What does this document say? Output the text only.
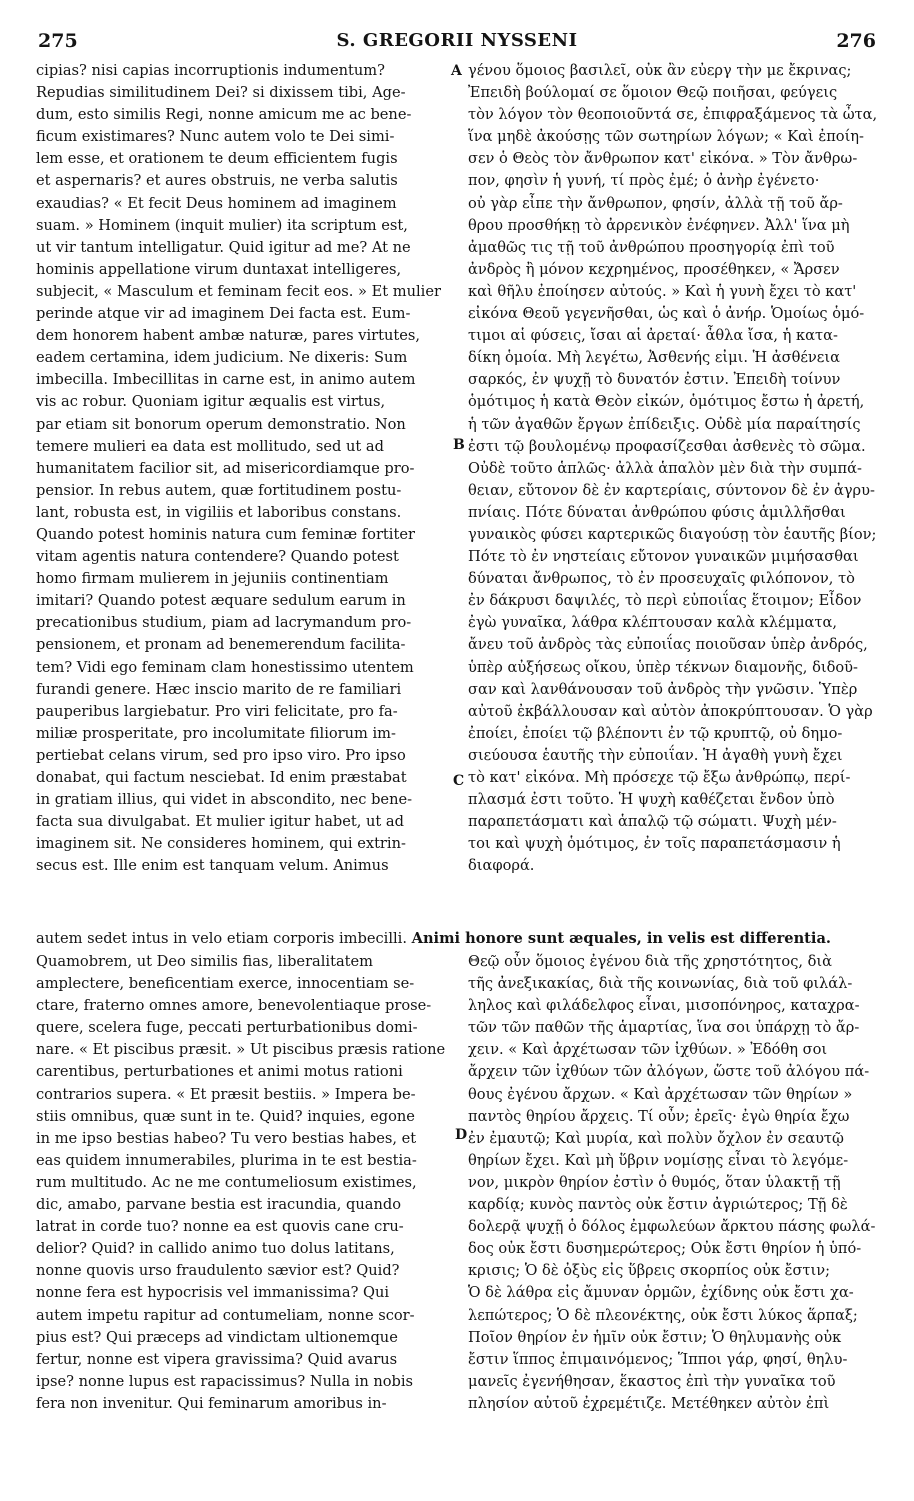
275	S. GREGORII NYSSENI	276
cipias? nisi capias incorruptionis indumentum?
Repudias similitudinem Dei? si dixissem tibi, Age-
dum, esto similis Regi, nonne amicum me ac bene-
ficum existimares? Nunc autem volo te Dei simi-
lem esse, et orationem te deum efficientem fugis
et aspernaris? et aures obstruis, ne verba salutis
exaudias? « Et fecit Deus hominem ad imaginem
suam. » Hominem (inquit mulier) ita scriptum est,
ut vir tantum intelligatur. Quid igitur ad me? At ne
hominis appellatione virum duntaxat intelligeres,
subjecit, « Masculum et feminam fecit eos. » Et mulier
perinde atque vir ad imaginem Dei facta est. Eum-
dem honorem habent ambæ naturæ, pares virtutes,
eadem certamina, idem judicium. Ne dixeris: Sum
imbecilla. Imbecillitas in carne est, in animo autem
vis ac robur. Quoniam igitur æqualis est virtus,
par etiam sit bonorum operum demonstratio. Non
temere mulieri ea data est mollitudo, sed ut ad
humanitatem facilior sit, ad misericordiamque pro-
pensior. In rebus autem, quæ fortitudinem postu-
lant, robusta est, in vigiliis et laboribus constans.
Quando potest hominis natura cum feminæ fortiter
vitam agentis natura contendere? Quando potest
homo firmam mulierem in jejuniis continentiam
imitari? Quando potest æquare sedulum earum in
precationibus studium, piam ad lacrymandum pro-
pensionem, et pronam ad benemerendum facilita-
tem? Vidi ego feminam clam honestissimo utentem
furandi genere. Hæc inscio marito de re familiari
pauperibus largiebatur. Pro viri felicitate, pro fa-
miliæ prosperitate, pro incolumitate filiorum im-
pertiebat celans virum, sed pro ipso viro. Pro ipso
donabat, qui factum nesciebat. Id enim præstabat
in gratiam illius, qui videt in abscondito, nec bene-
facta sua divulgabat. Et mulier igitur habet, ut ad
imaginem sit. Ne consideres hominem, qui extrin-
secus est. Ille enim est tanquam velum. Animus
γένου ὅμοιος βασιλεῖ, οὐκ ἂν εὐεργ τὴν με ἔκρινας;
Ἐπειδὴ βούλομαί σε ὅμοιον Θεῷ ποιῆσαι, φεύγεις
τὸν λόγον τὸν θεοποιοῦντά σε, ἐπιφραξάμενος τὰ ὦτα,
ἵνα μηδὲ ἀκούσῃς τῶν σωτηρίων λόγων; « Καὶ ἐποίη-
σεν ὁ Θεὸς τὸν ἄνθρωπον κατ' εἰκόνα. » Τὸν ἄνθρω-
πον, φησὶν ἡ γυνή, τί πρὸς ἐμέ; ὁ ἀνὴρ ἐγένετο·
οὐ γὰρ εἶπε τὴν ἄνθρωπον, φησίν, ἀλλὰ τῇ τοῦ ἄρ-
θρου προσθήκῃ τὸ ἀρρενικὸν ἐνέφηνεν. Ἀλλ' ἵνα μὴ
ἀμαθῶς τις τῇ τοῦ ἀνθρώπου προσηγορίᾳ ἐπὶ τοῦ
ἀνδρὸς ἢ μόνον κεχρημένος, προσέθηκεν, « Ἄρσεν
καὶ θῆλυ ἐποίησεν αὐτούς. » Καὶ ἡ γυνὴ ἔχει τὸ κατ'
εἰκόνα Θεοῦ γεγενῆσθαι, ὡς καὶ ὁ ἀνήρ. Ὁμοίως ὁμό-
τιμοι αἱ φύσεις, ἴσαι αἱ ἀρεταί· ἆθλα ἴσα, ἡ κατα-
δίκη ὁμοία. Μὴ λεγέτω, Ἀσθενής εἰμι. Ἡ ἀσθένεια
σαρκός, ἐν ψυχῇ τὸ δυνατόν ἐστιν. Ἐπειδὴ τοίνυν
ὁμότιμος ἡ κατὰ Θεὸν εἰκών, ὁμότιμος ἔστω ἡ ἀρετή,
ἡ τῶν ἀγαθῶν ἔργων ἐπίδειξις. Οὐδὲ μία παραίτησίς
ἐστι τῷ βουλομένῳ προφασίζεσθαι ἀσθενὲς τὸ σῶμα.
Οὐδὲ τοῦτο ἁπλῶς· ἀλλὰ ἁπαλὸν μὲν διὰ τὴν συμπά-
θειαν, εὔτονον δὲ ἐν καρτερίαις, σύντονον δὲ ἐν ἀγρυ-
πνίαις. Πότε δύναται ἀνθρώπου φύσις ἁμιλλῆσθαι
γυναικὸς φύσει καρτερικῶς διαγούσῃ τὸν ἑαυτῆς βίον;
Πότε τὸ ἐν νηστείαις εὔτονον γυναικῶν μιμήσασθαι
δύναται ἄνθρωπος, τὸ ἐν προσευχαῖς φιλόπονον, τὸ
ἐν δάκρυσι δαψιλές, τὸ περὶ εὐποιΐας ἕτοιμον; Εἶδον
ἐγὼ γυναῖκα, λάθρα κλέπτουσαν καλὰ κλέμματα,
ἄνευ τοῦ ἀνδρὸς τὰς εὐποιΐας ποιοῦσαν ὑπὲρ ἀνδρός,
ὑπὲρ αὐξήσεως οἴκου, ὑπὲρ τέκνων διαμονῆς, διδοῦ-
σαν καὶ λανθάνουσαν τοῦ ἀνδρὸς τὴν γνῶσιν. Ὑπὲρ
αὐτοῦ ἐκβάλλουσαν καὶ αὐτὸν ἀποκρύπτουσαν. Ὁ γὰρ
ἐποίει, ἐποίει τῷ βλέποντι ἐν τῷ κρυπτῷ, οὐ δημο-
σιεύουσα ἑαυτῆς τὴν εὐποιΐαν. Ἡ ἀγαθὴ γυνὴ ἔχει
τὸ κατ' εἰκόνα. Μὴ πρόσεχε τῷ ἔξω ἀνθρώπῳ, περί-
πλασμά ἐστι τοῦτο. Ἡ ψυχὴ καθέζεται ἔνδον ὑπὸ
παραπετάσματι καὶ ἁπαλῷ τῷ σώματι. Ψυχὴ μέν-
τοι καὶ ψυχὴ ὁμότιμος, ἐν τοῖς παραπετάσμασιν ἡ
διαφορά.
autem sedet intus in velo etiam corporis imbecilli. Animi honore sunt æquales, in velis est differentia.
Quamobrem, ut Deo similis fias, liberalitatem
amplectere, beneficentiam exerce, innocentiam se-
ctare, fraterno omnes amore, benevolentiaque prose-
quere, scelera fuge, peccati perturbationibus domi-
nare. « Et piscibus præsit. » Ut piscibus præsis ratione
carentibus, perturbationes et animi motus rationi
contrarios supera. « Et præsit bestiis. » Impera be-
stiis omnibus, quæ sunt in te. Quid? inquies, egone
in me ipso bestias habeo? Tu vero bestias habes, et
eas quidem innumerabiles, plurima in te est bestia-
rum multitudo. Ac ne me contumeliosum existimes,
dic, amabo, parvane bestia est iracundia, quando
latrat in corde tuo? nonne ea est quovis cane cru-
delior? Quid? in callido animo tuo dolus latitans,
nonne quovis urso fraudulento sævior est? Quid?
nonne fera est hypocrisis vel immanissima? Qui
autem impetu rapitur ad contumeliam, nonne scor-
pius est? Qui præceps ad vindictam ultionemque
fertur, nonne est vipera gravissima? Quid avarus
ipse? nonne lupus est rapacissimus? Nulla in nobis
fera non invenitur. Qui feminarum amoribus in-
Θεῷ οὖν ὅμοιος ἐγένου διὰ τῆς χρηστότητος, διὰ
τῆς ἀνεξικακίας, διὰ τῆς κοινωνίας, διὰ τοῦ φιλάλ-
ληλος καὶ φιλάδελφος εἶναι, μισοπόνηρος, καταχρα-
τῶν τῶν παθῶν τῆς ἁμαρτίας, ἵνα σοι ὑπάρχῃ τὸ ἄρ-
χειν. « Καὶ ἀρχέτωσαν τῶν ἰχθύων. » Ἐδόθη σοι
ἄρχειν τῶν ἰχθύων τῶν ἀλόγων, ὥστε τοῦ ἀλόγου πά-
θους ἐγένου ἄρχων. « Καὶ ἀρχέτωσαν τῶν θηρίων »
παντὸς θηρίου ἄρχεις. Τί οὖν; ἐρεῖς· ἐγὼ θηρία ἔχω
ἐν ἐμαυτῷ; Καὶ μυρία, καὶ πολὺν ὄχλον ἐν σεαυτῷ
θηρίων ἔχει. Καὶ μὴ ὕβριν νομίσῃς εἶναι τὸ λεγόμε-
νον, μικρὸν θηρίον ἐστὶν ὁ θυμός, ὅταν ὑλακτῇ τῇ
καρδίᾳ; κυνὸς παντὸς οὐκ ἔστιν ἀγριώτερος; Τῇ δὲ
δολερᾷ ψυχῇ ὁ δόλος ἐμφωλεύων ἄρκτου πάσης φωλά-
δος οὐκ ἔστι δυσημερώτερος; Οὐκ ἔστι θηρίον ἡ ὑπό-
κρισις; Ὁ δὲ ὀξὺς εἰς ὕβρεις σκορπίος οὐκ ἔστιν;
Ὁ δὲ λάθρα εἰς ἄμυναν ὁρμῶν, ἐχίδνης οὐκ ἔστι χα-
λεπώτερος; Ὁ δὲ πλεονέκτης, οὐκ ἔστι λύκος ἅρπαξ;
Ποῖον θηρίον ἐν ἡμῖν οὐκ ἔστιν; Ὁ θηλυμανὴς οὐκ
ἔστιν ἵππος ἐπιμαινόμενος; Ἵπποι γάρ, φησί, θηλυ-
μανεῖς ἐγενήθησαν, ἕκαστος ἐπὶ τὴν γυναῖκα τοῦ
πλησίον αὐτοῦ ἐχρεμέτιζε. Μετέθηκεν αὐτὸν ἐπὶ
A
B
C
D
